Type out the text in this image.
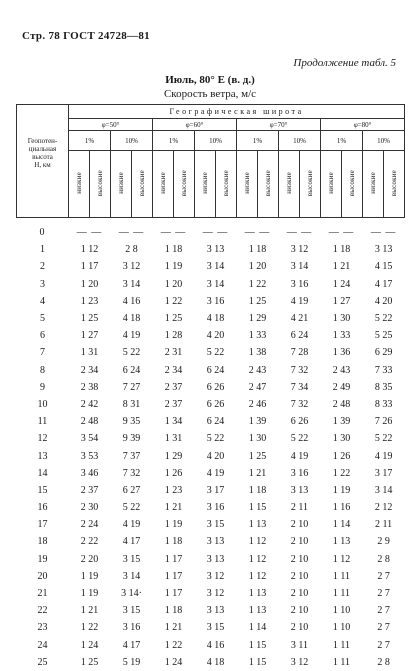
Стр. 78 ГОСТ 24728—81
Продолжение табл. 5
Июль, 80° Е (в. д.)
Скорость ветра, м/с
Геопотен-
циальная
высота
Н, км	Географическая широта															
	φ=50°				φ=60°				φ=70°				φ=80°			
	1%		10%		1%		10%		1%		10%		1%		10%	
	низкие	высокие	низкие	высокие	низкие	высокие	низкие	высокие	низкие	высокие	низкие	высокие	низкие	высокие	низкие	высокие

0	— —		— —		— —		— —		— —		— —		— —		— —	
1	1 12		2 8		1 18		3 13		1 18		3 12		1 18		3 13	
2	1 17		3 12		1 19		3 14		1 20		3 14		1 21		4 15	
3	1 20		3 14		1 20		3 14		1 22		3 16		1 24		4 17	
4	1 23		4 16		1 22		3 16		1 25		4 19		1 27		4 20	
5	1 25		4 18		1 25		4 18		1 29		4 21		1 30		5 22	
6	1 27		4 19		1 28		4 20		1 33		6 24		1 33		5 25	
7	1 31		5 22		2 31		5 22		1 38		7 28		1 36		6 29	
8	2 34		6 24		2 34		6 24		2 43		7 32		2 43		7 33	
9	2 38		7 27		2 37		6 26		2 47		7 34		2 49		8 35	
10	2 42		8 31		2 37		6 26		2 46		7 32		2 48		8 33	
11	2 48		9 35		1 34		6 24		1 39		6 26		1 39		7 26	
12	3 54		9 39		1 31		5 22		1 30		5 22		1 30		5 22	
13	3 53		7 37		1 29		4 20		1 25		4 19		1 26		4 19	
14	3 46		7 32		1 26		4 19		1 21		3 16		1 22		3 17	
15	2 37		6 27		1 23		3 17		1 18		3 13		1 19		3 14	
16	2 30		5 22		1 21		3 16		1 15		2 11		1 16		2 12	
17	2 24		4 19		1 19		3 15		1 13		2 10		1 14		2 11	
18	2 22		4 17		1 18		3 13		1 12		2 10		1 13		2 9	
19	2 20		3 15		1 17		3 13		1 12		2 10		1 12		2 8	
20	1 19		3 14		1 17		3 12		1 12		2 10		1 11		2 7	
21	1 19		3 14·		1 17		3 12		1 13		2 10		1 11		2 7	
22	1 21		3 15		1 18		3 13		1 13		2 10		1 10		2 7	
23	1 22		3 16		1 21		3 15		1 14		2 10		1 10		2 7	
24	1 24		4 17		1 22		4 16		1 15		3 11		1 11		2 7	
25	1 25		5 19		1 24		4 18		1 15		3 12		1 11		2 8	
